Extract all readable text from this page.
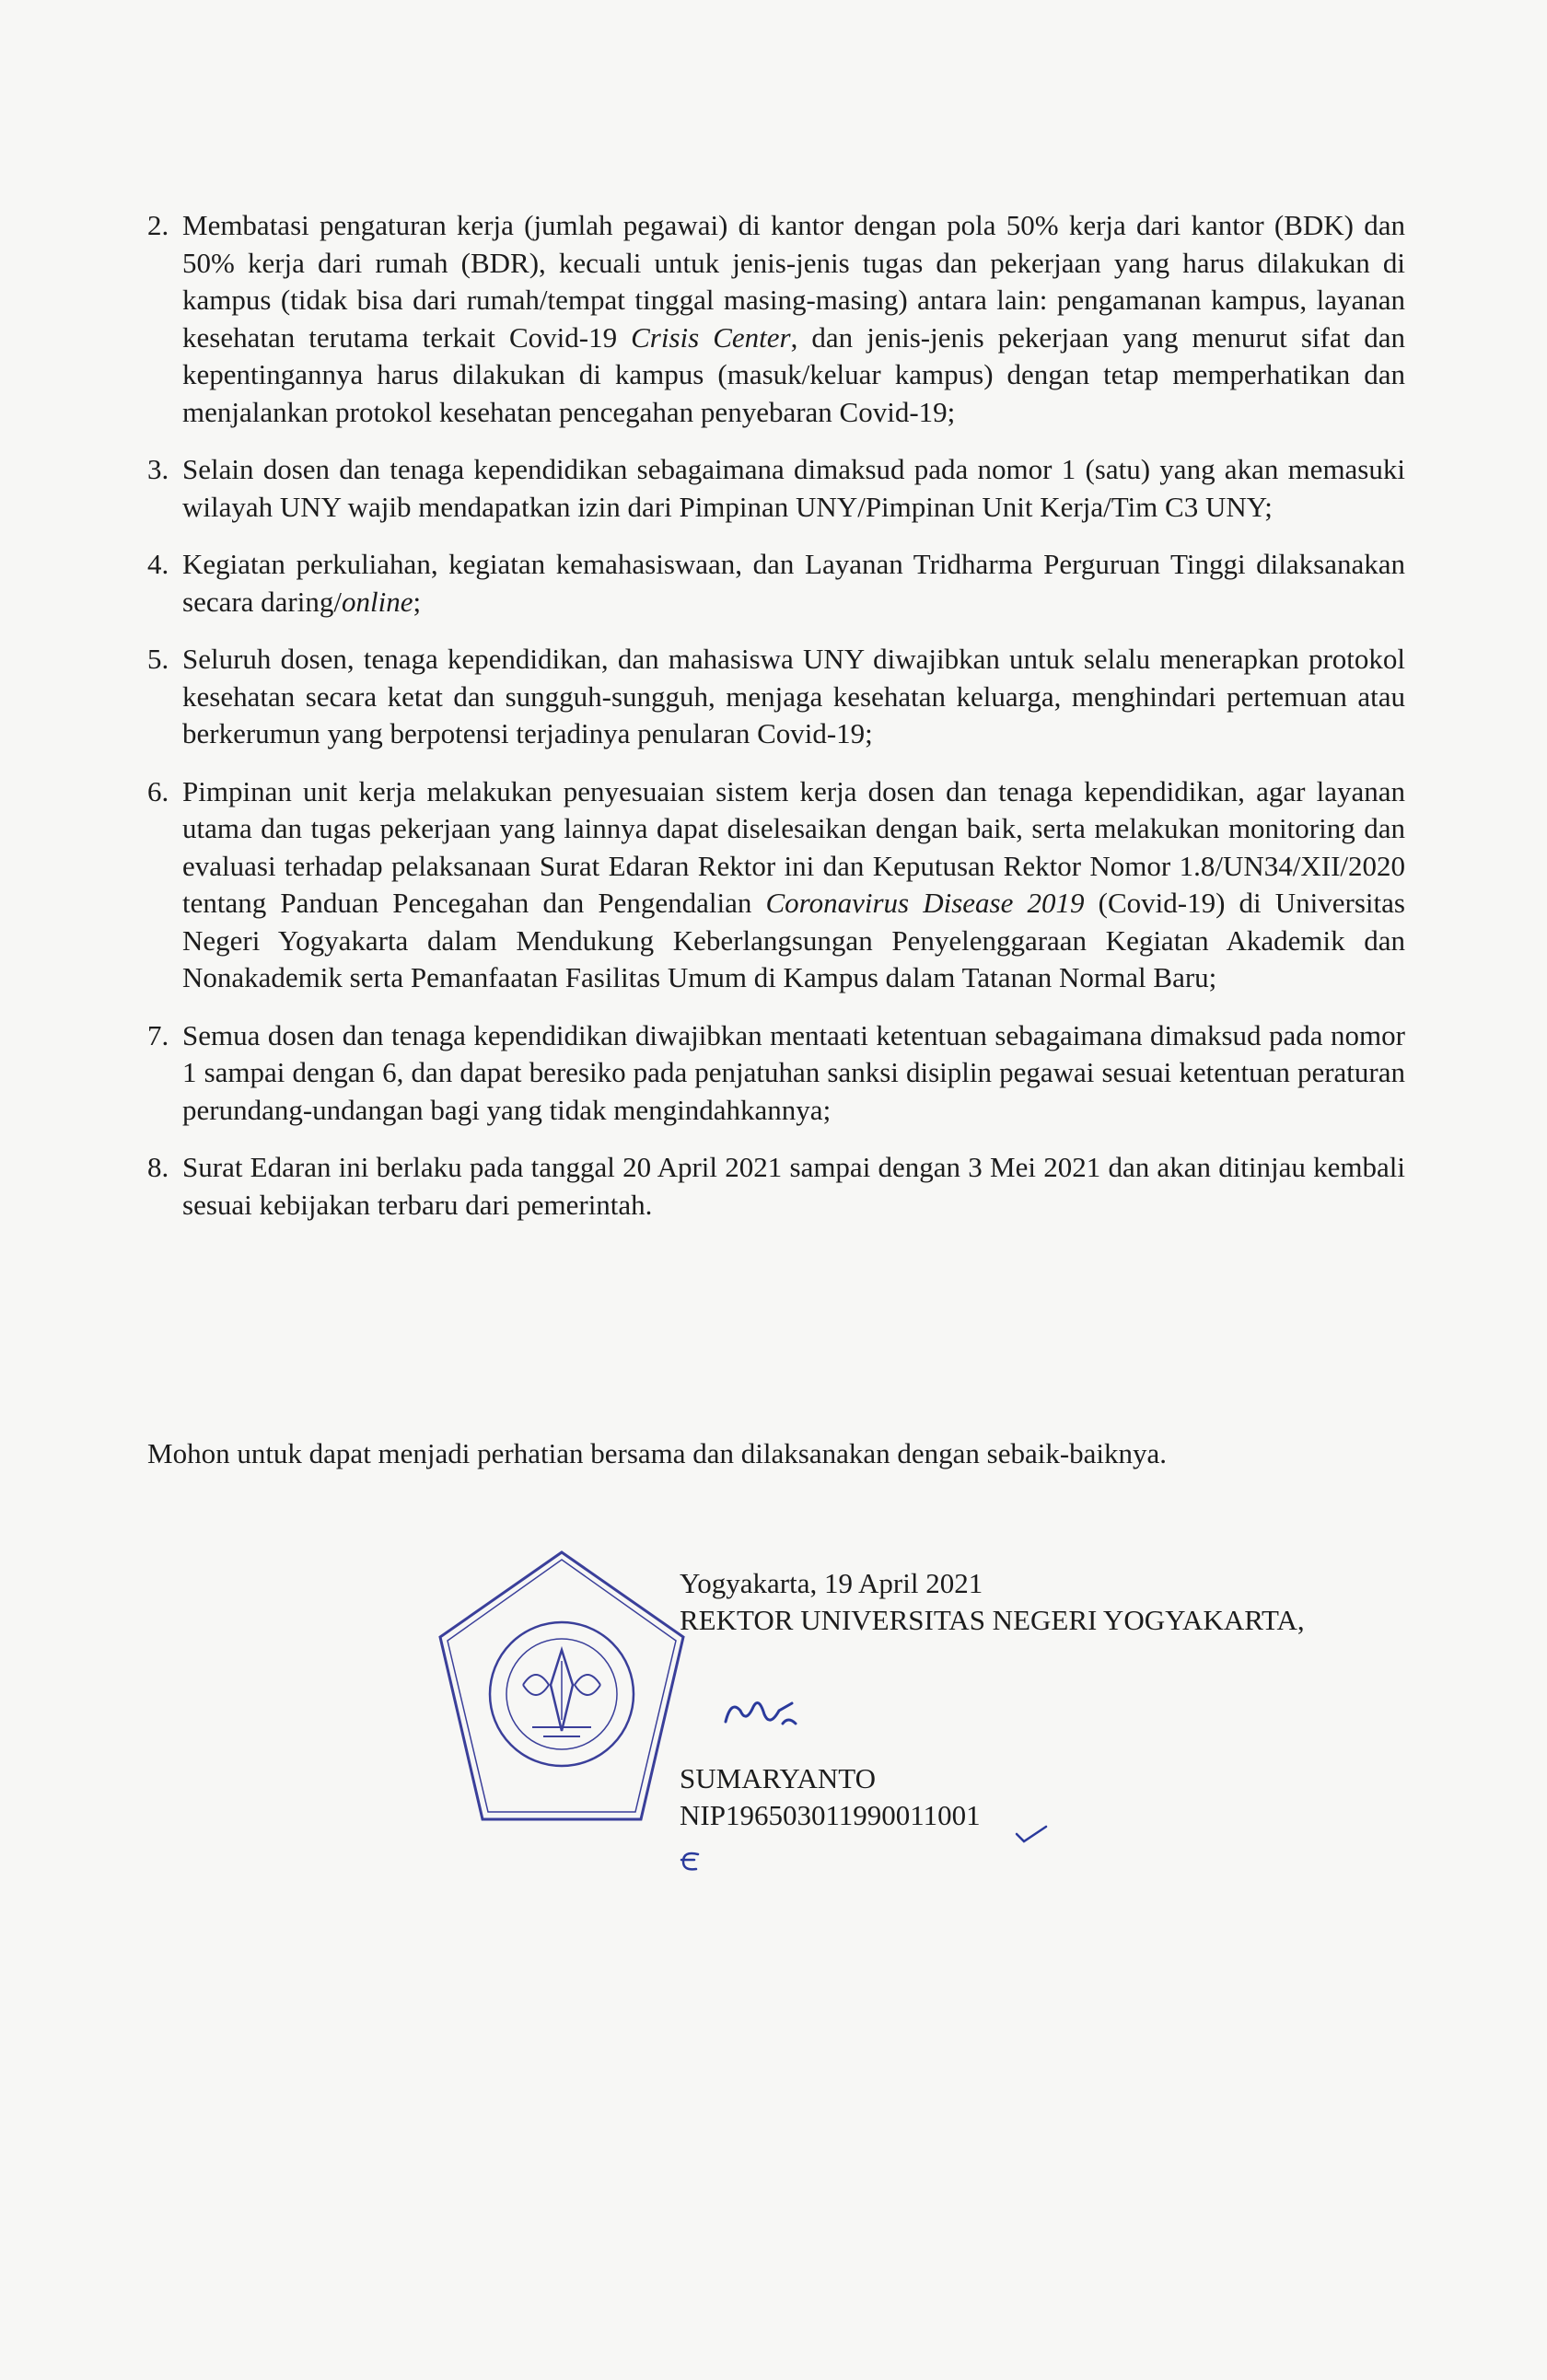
2. Membatasi pengaturan kerja (jumlah pegawai) di kantor dengan pola 50% kerja dari kantor (BDK) dan 50% kerja dari rumah (BDR), kecuali untuk jenis-jenis tugas dan pekerjaan yang harus dilakukan di kampus (tidak bisa dari rumah/tempat tinggal masing-masing) antara lain: pengamanan kampus, layanan kesehatan terutama terkait Covid-19 Crisis Center, dan jenis-jenis pekerjaan yang menurut sifat dan kepentingannya harus dilakukan di kampus (masuk/keluar kampus) dengan tetap memperhatikan dan menjalankan protokol kesehatan pencegahan penyebaran Covid-19;
3. Selain dosen dan tenaga kependidikan sebagaimana dimaksud pada nomor 1 (satu) yang akan memasuki wilayah UNY wajib mendapatkan izin dari Pimpinan UNY/Pimpinan Unit Kerja/Tim C3 UNY;
4. Kegiatan perkuliahan, kegiatan kemahasiswaan, dan Layanan Tridharma Perguruan Tinggi dilaksanakan secara daring/online;
5. Seluruh dosen, tenaga kependidikan, dan mahasiswa UNY diwajibkan untuk selalu menerapkan protokol kesehatan secara ketat dan sungguh-sungguh, menjaga kesehatan keluarga, menghindari pertemuan atau berkerumun yang berpotensi terjadinya penularan Covid-19;
6. Pimpinan unit kerja melakukan penyesuaian sistem kerja dosen dan tenaga kependidikan, agar layanan utama dan tugas pekerjaan yang lainnya dapat diselesaikan dengan baik, serta melakukan monitoring dan evaluasi terhadap pelaksanaan Surat Edaran Rektor ini dan Keputusan Rektor Nomor 1.8/UN34/XII/2020 tentang Panduan Pencegahan dan Pengendalian Coronavirus Disease 2019 (Covid-19) di Universitas Negeri Yogyakarta dalam Mendukung Keberlangsungan Penyelenggaraan Kegiatan Akademik dan Nonakademik serta Pemanfaatan Fasilitas Umum di Kampus dalam Tatanan Normal Baru;
7. Semua dosen dan tenaga kependidikan diwajibkan mentaati ketentuan sebagaimana dimaksud pada nomor 1 sampai dengan 6, dan dapat beresiko pada penjatuhan sanksi disiplin pegawai sesuai ketentuan peraturan perundang-undangan bagi yang tidak mengindahkannya;
8. Surat Edaran ini berlaku pada tanggal 20 April 2021 sampai dengan 3 Mei 2021 dan akan ditinjau kembali sesuai kebijakan terbaru dari pemerintah.

Mohon untuk dapat menjadi perhatian bersama dan dilaksanakan dengan sebaik-baiknya.

Yogyakarta, 19 April 2021
REKTOR UNIVERSITAS NEGERI YOGYAKARTA,
SUMARYANTO
NIP196503011990011001
